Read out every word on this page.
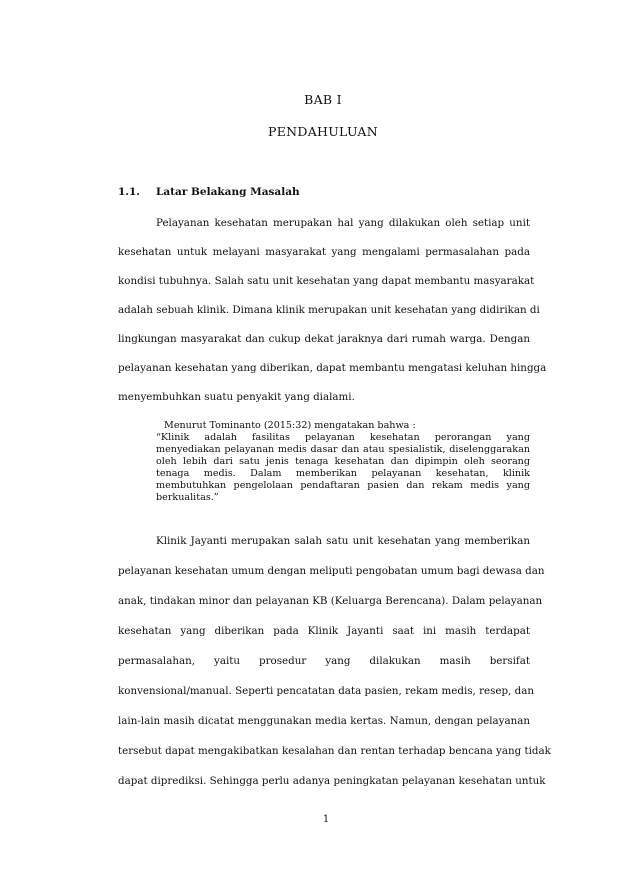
BAB I
PENDAHULUAN
1.1. Latar Belakang Masalah
Pelayanan kesehatan merupakan hal yang dilakukan oleh setiap unit
kesehatan untuk melayani masyarakat yang mengalami permasalahan pada
kondisi tubuhnya. Salah satu unit kesehatan yang dapat membantu masyarakat
adalah sebuah klinik. Dimana klinik merupakan unit kesehatan yang didirikan di
lingkungan masyarakat dan cukup dekat jaraknya dari rumah warga. Dengan
pelayanan kesehatan yang diberikan, dapat membantu mengatasi keluhan hingga
menyembuhkan suatu penyakit yang dialami.
Menurut Tominanto (2015:32) mengatakan bahwa :
“Klinik adalah fasilitas pelayanan kesehatan perorangan yang
menyediakan pelayanan medis dasar dan atau spesialistik, diselenggarakan
oleh lebih dari satu jenis tenaga kesehatan dan dipimpin oleh seorang
tenaga medis. Dalam memberikan pelayanan kesehatan, klinik
membutuhkan pengelolaan pendaftaran pasien dan rekam medis yang
berkualitas.”
Klinik Jayanti merupakan salah satu unit kesehatan yang memberikan
pelayanan kesehatan umum dengan meliputi pengobatan umum bagi dewasa dan
anak, tindakan minor dan pelayanan KB (Keluarga Berencana). Dalam pelayanan
kesehatan yang diberikan pada Klinik Jayanti saat ini masih terdapat
permasalahan, yaitu prosedur yang dilakukan masih bersifat
konvensional/manual. Seperti pencatatan data pasien, rekam medis, resep, dan
lain-lain masih dicatat menggunakan media kertas. Namun, dengan pelayanan
tersebut dapat mengakibatkan kesalahan dan rentan terhadap bencana yang tidak
dapat diprediksi. Sehingga perlu adanya peningkatan pelayanan kesehatan untuk
1
